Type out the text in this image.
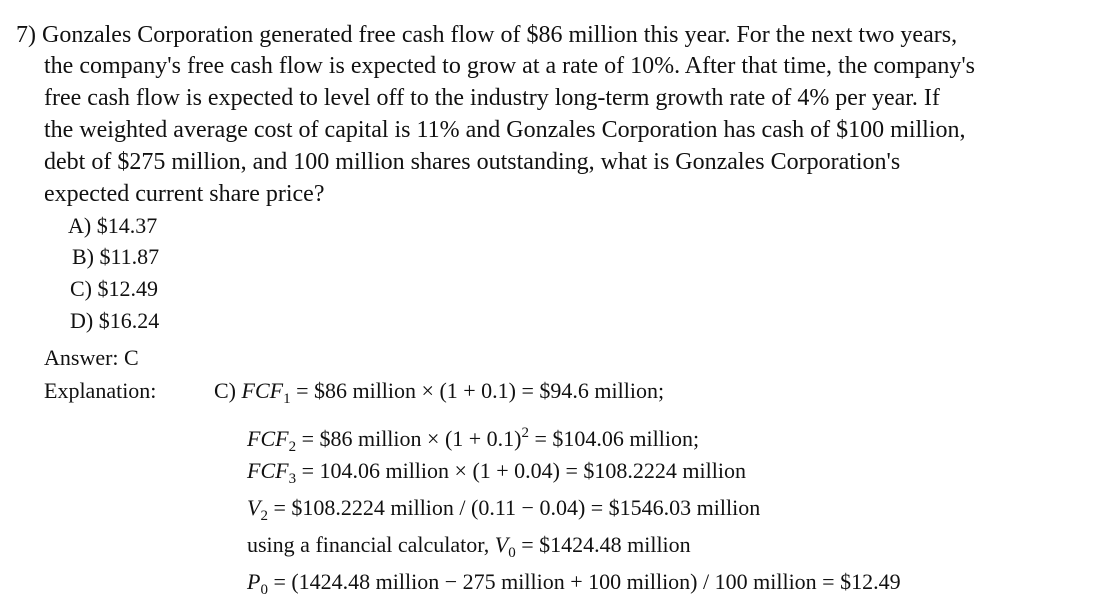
7) Gonzales Corporation generated free cash flow of $86 million this year. For the next two years,
the company's free cash flow is expected to grow at a rate of 10%. After that time, the company's
free cash flow is expected to level off to the industry long-term growth rate of 4% per year. If
the weighted average cost of capital is 11% and Gonzales Corporation has cash of $100 million,
debt of $275 million, and 100 million shares outstanding, what is Gonzales Corporation's
expected current share price?
A) $14.37
B) $11.87
C) $12.49
D) $16.24
Answer: C
Explanation:	C) $FCF_1$ = $86 million × (1 + 0.1) = $94.6 million;
$FCF_2$ = $86 million × $(1 + 0.1)^2$ = $104.06 million;
$FCF_3 = 104.06$ million × (1 + 0.04) = $108.2224 million
$V_2$ = $108.2224 million / (0.11 − 0.04) = $1546.03 million
using a financial calculator, $V_0$ = $1424.48 million
$P_0 = (1424.48$ million − 275 million + 100 million) / 100 million = $12.49
